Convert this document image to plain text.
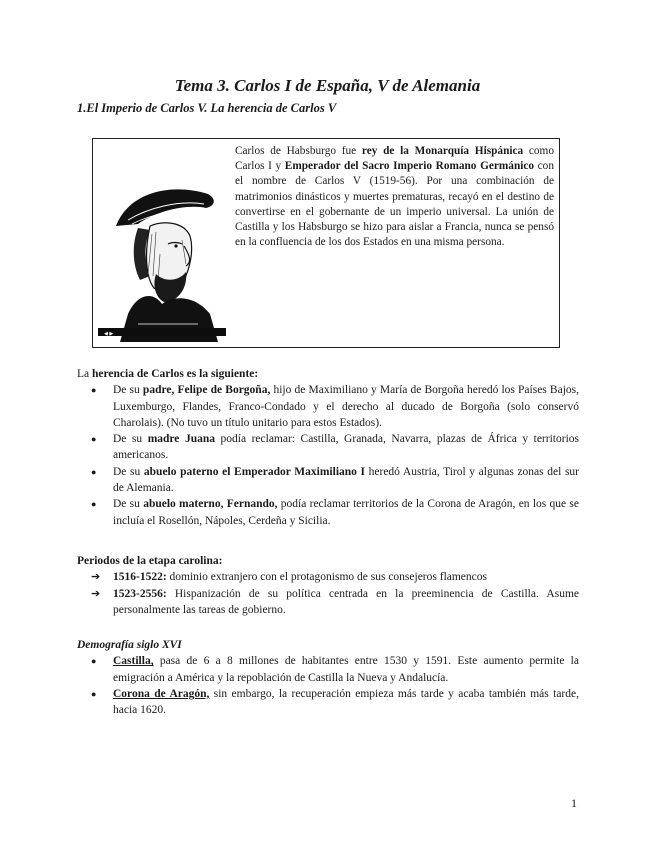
Tema 3. Carlos I de España, V de Alemania
1.El Imperio de Carlos V. La herencia de Carlos V
Carlos de Habsburgo fue rey de la Monarquía Hispánica como Carlos I y Emperador del Sacro Imperio Romano Germánico con el nombre de Carlos V (1519-56). Por una combinación de matrimonios dinásticos y muertes prematuras, recayó en el destino de convertirse en el gobernante de un imperio universal. La unión de Castilla y los Habsburgo se hizo para aislar a Francia, nunca se pensó en la confluencia de los dos Estados en una misma persona.
◀ ▶
La herencia de Carlos es la siguiente:
● De su padre, Felipe de Borgoña, hijo de Maximiliano y María de Borgoña heredó los Países Bajos, Luxemburgo, Flandes, Franco-Condado y el derecho al ducado de Borgoña (solo conservó Charolais). (No tuvo un título unitario para estos Estados).
● De su madre Juana podía reclamar: Castilla, Granada, Navarra, plazas de África y territorios americanos.
● De su abuelo paterno el Emperador Maximiliano I heredó Austria, Tirol y algunas zonas del sur de Alemania.
● De su abuelo materno, Fernando, podía reclamar territorios de la Corona de Aragón, en los que se incluía el Rosellón, Nápoles, Cerdeña y Sicilia.
Periodos de la etapa carolina:
➔ 1516-1522: dominio extranjero con el protagonismo de sus consejeros flamencos
➔ 1523-2556: Hispanización de su política centrada en la preeminencia de Castilla. Asume personalmente las tareas de gobierno.
Demografía siglo XVI
● Castilla, pasa de 6 a 8 millones de habitantes entre 1530 y 1591. Este aumento permite la emigración a América y la repoblación de Castilla la Nueva y Andalucía.
● Corona de Aragón, sin embargo, la recuperación empieza más tarde y acaba también más tarde, hacia 1620.
1
